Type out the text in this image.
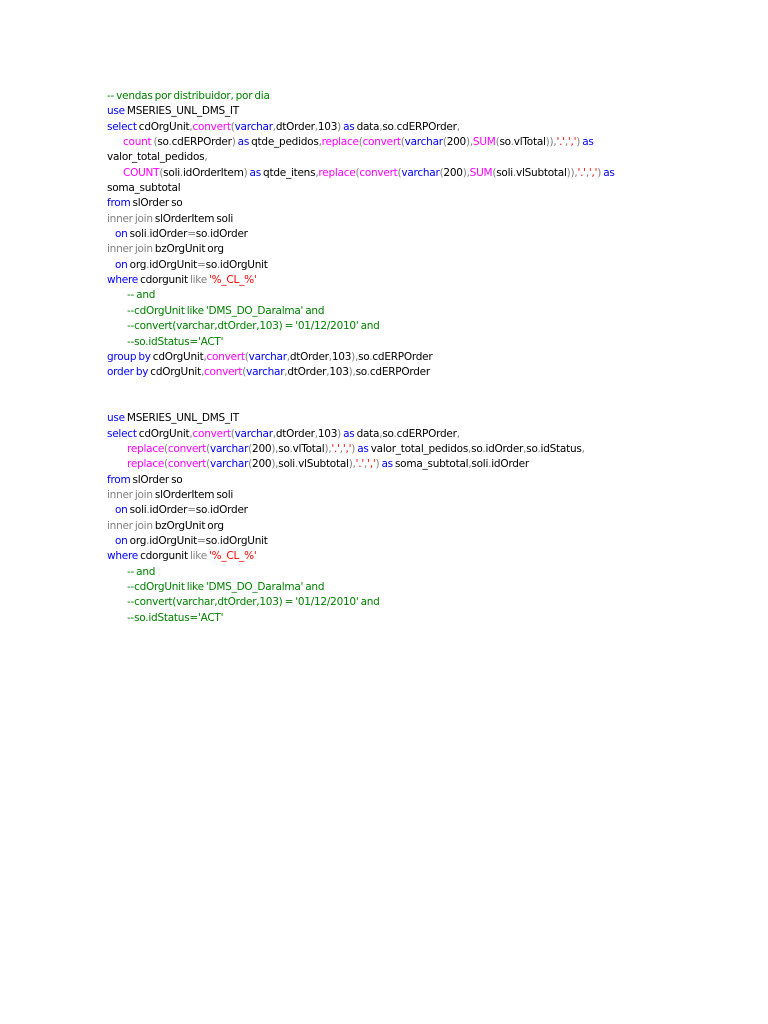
-- vendas por distribuidor, por dia
use MSERIES_UNL_DMS_IT
select cdOrgUnit,convert(varchar,dtOrder,103) as data,so.cdERPOrder,
count (so.cdERPOrder) as qtde_pedidos,replace(convert(varchar(200),SUM(so.vlTotal)),'.',',') as
valor_total_pedidos,
COUNT(soli.idOrderItem) as qtde_itens,replace(convert(varchar(200),SUM(soli.vlSubtotal)),'.',',') as
soma_subtotal
from slOrder so
inner join slOrderItem soli
on soli.idOrder=so.idOrder
inner join bzOrgUnit org
on org.idOrgUnit=so.idOrgUnit
where cdorgunit like '%_CL_%'
-- and
--cdOrgUnit like 'DMS_DO_Daralma' and
--convert(varchar,dtOrder,103) = '01/12/2010' and
--so.idStatus='ACT'
group by cdOrgUnit,convert(varchar,dtOrder,103),so.cdERPOrder
order by cdOrgUnit,convert(varchar,dtOrder,103),so.cdERPOrder
use MSERIES_UNL_DMS_IT
select cdOrgUnit,convert(varchar,dtOrder,103) as data,so.cdERPOrder,
replace(convert(varchar(200),so.vlTotal),'.',',') as valor_total_pedidos,so.idOrder,so.idStatus,
replace(convert(varchar(200),soli.vlSubtotal),'.',',') as soma_subtotal,soli.idOrder
from slOrder so
inner join slOrderItem soli
on soli.idOrder=so.idOrder
inner join bzOrgUnit org
on org.idOrgUnit=so.idOrgUnit
where cdorgunit like '%_CL_%'
-- and
--cdOrgUnit like 'DMS_DO_Daralma' and
--convert(varchar,dtOrder,103) = '01/12/2010' and
--so.idStatus='ACT'
